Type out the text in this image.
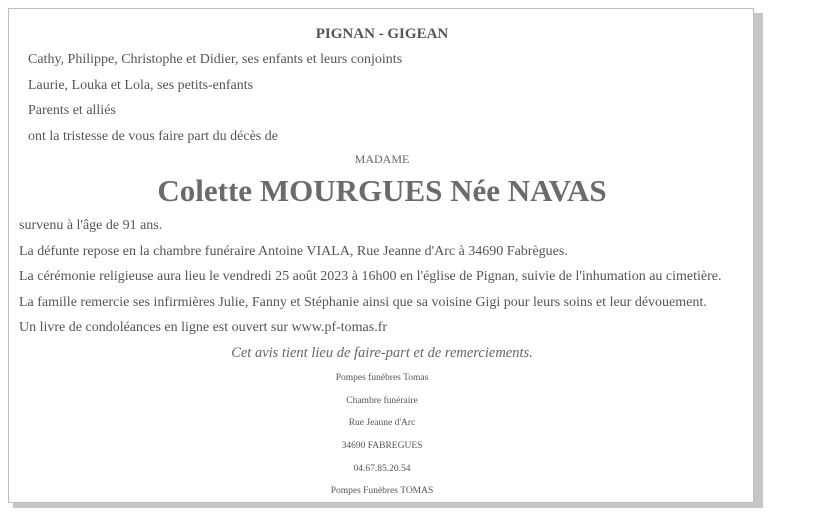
PIGNAN - GIGEAN
Cathy, Philippe, Christophe et Didier, ses enfants et leurs conjoints
Laurie, Louka et Lola, ses petits-enfants
Parents et alliés
ont la tristesse de vous faire part du décès de
MADAME
Colette MOURGUES Née NAVAS
survenu à l'âge de 91 ans.
La défunte repose en la chambre funéraire Antoine VIALA, Rue Jeanne d'Arc à 34690 Fabrègues.
La cérémonie religieuse aura lieu le vendredi 25 août 2023 à 16h00 en l'église de Pignan, suivie de l'inhumation au cimetière.
La famille remercie ses infirmières Julie, Fanny et Stéphanie ainsi que sa voisine Gigi pour leurs soins et leur dévouement.
Un livre de condoléances en ligne est ouvert sur www.pf-tomas.fr
Cet avis tient lieu de faire-part et de remerciements.
Pompes funèbres Tomas
Chambre funéraire
Rue Jeanne d'Arc
34690 FABREGUES
04.67.85.20.54
Pompes Funèbres TOMAS
